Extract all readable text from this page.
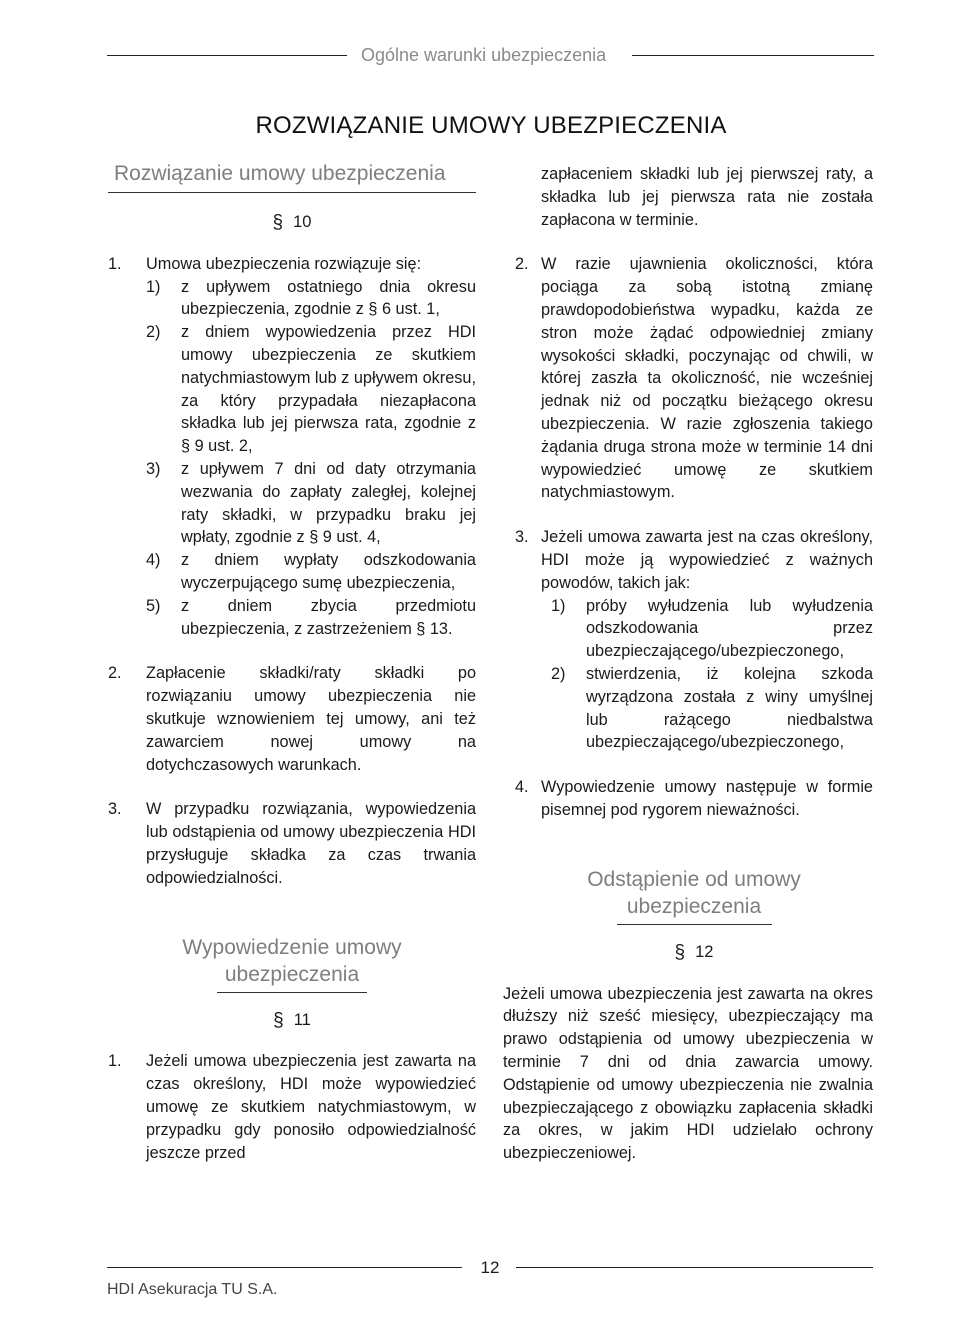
Ogólne warunki ubezpieczenia
ROZWIĄZANIE UMOWY UBEZPIECZENIA
Rozwiązanie umowy ubezpieczenia
§ 10
1. Umowa ubezpieczenia rozwiązuje się:
1) z upływem ostatniego dnia okresu ubezpieczenia, zgodnie z § 6 ust. 1,
2) z dniem wypowiedzenia przez HDI umowy ubezpieczenia ze skutkiem natychmiastowym lub z upływem okresu, za który przypadała niezapłacona składka lub jej pierwsza rata, zgodnie z § 9 ust. 2,
3) z upływem 7 dni od daty otrzymania wezwania do zapłaty zaległej, kolejnej raty składki, w przypadku braku jej wpłaty, zgodnie z § 9 ust. 4,
4) z dniem wypłaty odszkodowania wyczerpującego sumę ubezpieczenia,
5) z dniem zbycia przedmiotu ubezpieczenia, z zastrzeżeniem § 13.
2. Zapłacenie składki/raty składki po rozwiązaniu umowy ubezpieczenia nie skutkuje wznowieniem tej umowy, ani też zawarciem nowej umowy na dotychczasowych warunkach.
3. W przypadku rozwiązania, wypowiedzenia lub odstąpienia od umowy ubezpieczenia HDI przysługuje składka za czas trwania odpowiedzialności.
Wypowiedzenie umowy
ubezpieczenia
§ 11
1. Jeżeli umowa ubezpieczenia jest zawarta na czas określony, HDI może wypowiedzieć umowę ze skutkiem natychmiastowym, w przypadku gdy ponosiło odpowiedzialność jeszcze przed
zapłaceniem składki lub jej pierwszej raty, a składka lub jej pierwsza rata nie została zapłacona w terminie.
2. W razie ujawnienia okoliczności, która pociąga za sobą istotną zmianę prawdopodobieństwa wypadku, każda ze stron może żądać odpowiedniej zmiany wysokości składki, poczynając od chwili, w której zaszła ta okoliczność, nie wcześniej jednak niż od początku bieżącego okresu ubezpieczenia. W razie zgłoszenia takiego żądania druga strona może w terminie 14 dni wypowiedzieć umowę ze skutkiem natychmiastowym.
3. Jeżeli umowa zawarta jest na czas określony, HDI może ją wypowiedzieć z ważnych powodów, takich jak:
1) próby wyłudzenia lub wyłudzenia odszkodowania przez ubezpieczającego/ubezpieczonego,
2) stwierdzenia, iż kolejna szkoda wyrządzona została z winy umyślnej lub rażącego niedbalstwa ubezpieczającego/ubezpieczonego,
4. Wypowiedzenie umowy następuje w formie pisemnej pod rygorem nieważności.
Odstąpienie od umowy
ubezpieczenia
§ 12
Jeżeli umowa ubezpieczenia jest zawarta na okres dłuższy niż sześć miesięcy, ubezpieczający ma prawo odstąpienia od umowy ubezpieczenia w terminie 7 dni od dnia zawarcia umowy. Odstąpienie od umowy ubezpieczenia nie zwalnia ubezpieczającego z obowiązku zapłacenia składki za okres, w jakim HDI udzielało ochrony ubezpieczeniowej.
12
HDI Asekuracja TU S.A.
